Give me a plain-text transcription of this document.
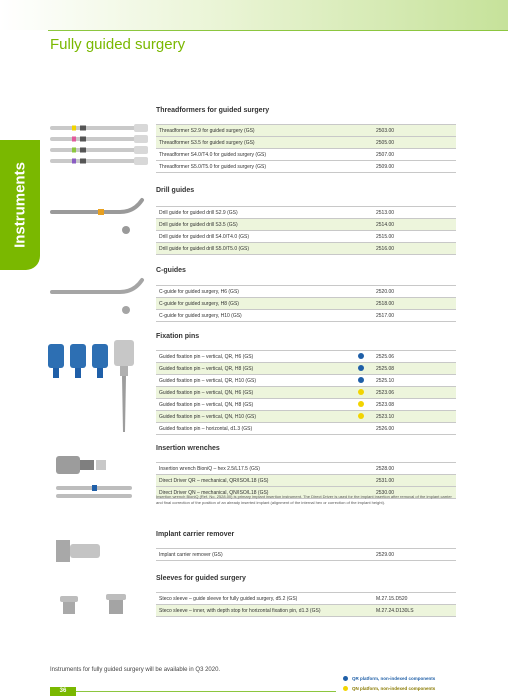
Fully guided surgery
Instruments
Threadformers for guided surgery
Threadformer S2.9 for guided surgery (GS)	2503.00
Threadformer S3.5 for guided surgery (GS)	2505.00
Threadformer S4.0/T4.0 for guided surgery (GS)	2507.00
Threadformer S5.0/T5.0 for guided surgery (GS)	2509.00
Drill guides
Drill guide for guided drill S2.9 (GS)	2513.00
Drill guide for guided drill S3.5 (GS)	2514.00
Drill guide for guided drill S4.0/T4.0 (GS)	2515.00
Drill guide for guided drill S5.0/T5.0 (GS)	2516.00
C-guides
C-guide for guided surgery, H6 (GS)	2520.00
C-guide for guided surgery, H8 (GS)	2518.00
C-guide for guided surgery, H10 (GS)	2517.00
Fixation pins
Guided fixation pin – vertical, QR, H6 (GS)		2525.06
Guided fixation pin – vertical, QR, H8 (GS)		2525.08
Guided fixation pin – vertical, QR, H10 (GS)		2525.10
Guided fixation pin – vertical, QN, H6 (GS)		2523.06
Guided fixation pin – vertical, QN, H8 (GS)		2523.08
Guided fixation pin – vertical, QN, H10 (GS)		2523.10
Guided fixation pin – horizontal, d1.3 (GS)		2526.00
Insertion wrenches
Insertion wrench BioniQ – hex 2.5/L17.5 (GS)	2528.00
Direct Driver QR – mechanical, QR/ISO/L18 (GS)	2531.00
Direct Driver QN – mechanical, QN/ISO/L18 (GS)	2530.00
Insertion wrench BioniQ (Ref. No. 2528.00) is primary implant insertion instrument. The Direct Driver is used for the implant insertion after removal of the implant carrier and final correction of the position of an already inserted implant (alignment of the internal hex or correction of the implant height).
Implant carrier remover
Implant carrier remover (GS)	2529.00
Sleeves for guided surgery
Steco sleeve – guide sleeve for fully guided surgery, d5.2 (GS)	M.27.15.D520
Steco sleeve – inner, with depth stop for horizontal fixation pin, d1.3 (GS)	M.27.24.D130LS
Instruments for fully guided surgery will be available in Q3 2020.
36
QR platform, non-indexed components
QN platform, non-indexed components
